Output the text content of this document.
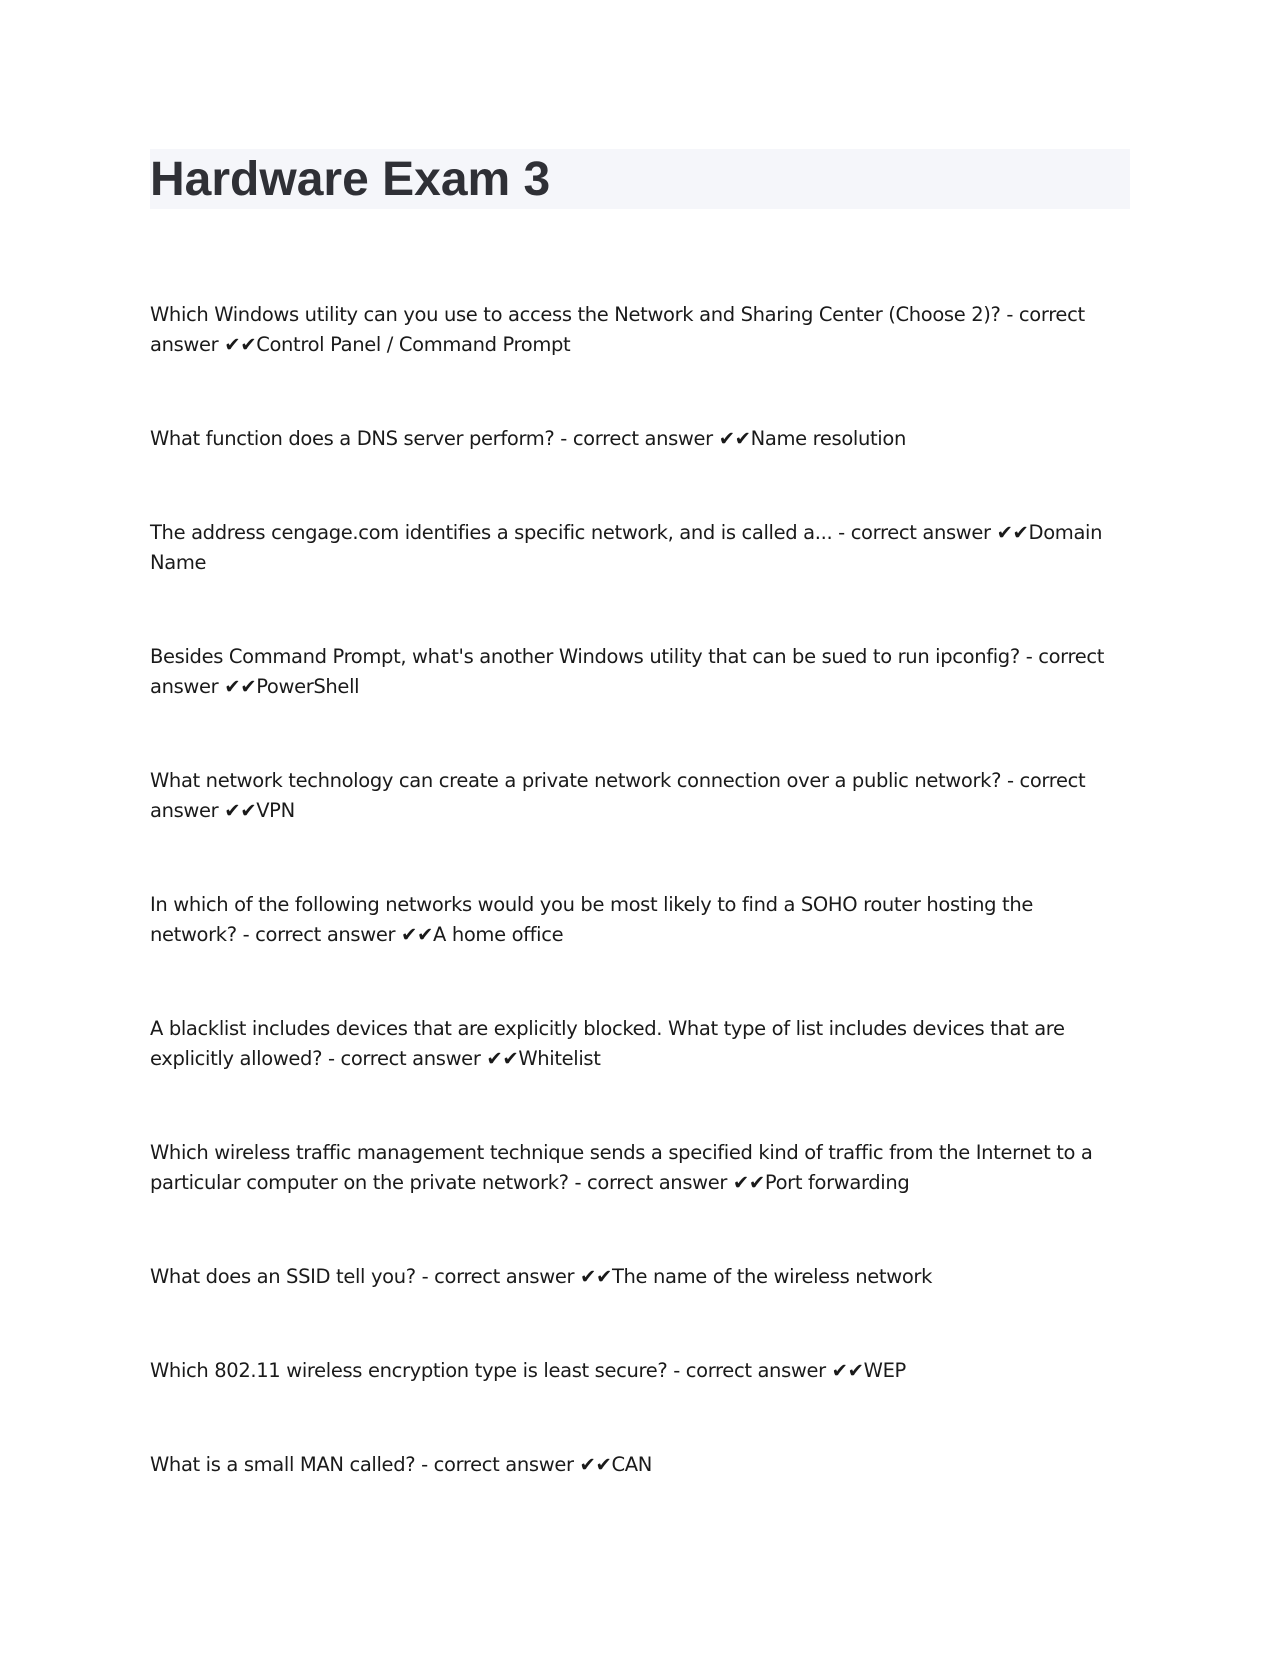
Hardware Exam 3
Which Windows utility can you use to access the Network and Sharing Center (Choose 2)? - correct answer ✔✔Control Panel / Command Prompt
What function does a DNS server perform? - correct answer ✔✔Name resolution
The address cengage.com identifies a specific network, and is called a... - correct answer ✔✔Domain Name
Besides Command Prompt, what's another Windows utility that can be sued to run ipconfig? - correct answer ✔✔PowerShell
What network technology can create a private network connection over a public network? - correct answer ✔✔VPN
In which of the following networks would you be most likely to find a SOHO router hosting the network? - correct answer ✔✔A home office
A blacklist includes devices that are explicitly blocked. What type of list includes devices that are explicitly allowed? - correct answer ✔✔Whitelist
Which wireless traffic management technique sends a specified kind of traffic from the Internet to a particular computer on the private network? - correct answer ✔✔Port forwarding
What does an SSID tell you? - correct answer ✔✔The name of the wireless network
Which 802.11 wireless encryption type is least secure? - correct answer ✔✔WEP
What is a small MAN called? - correct answer ✔✔CAN
